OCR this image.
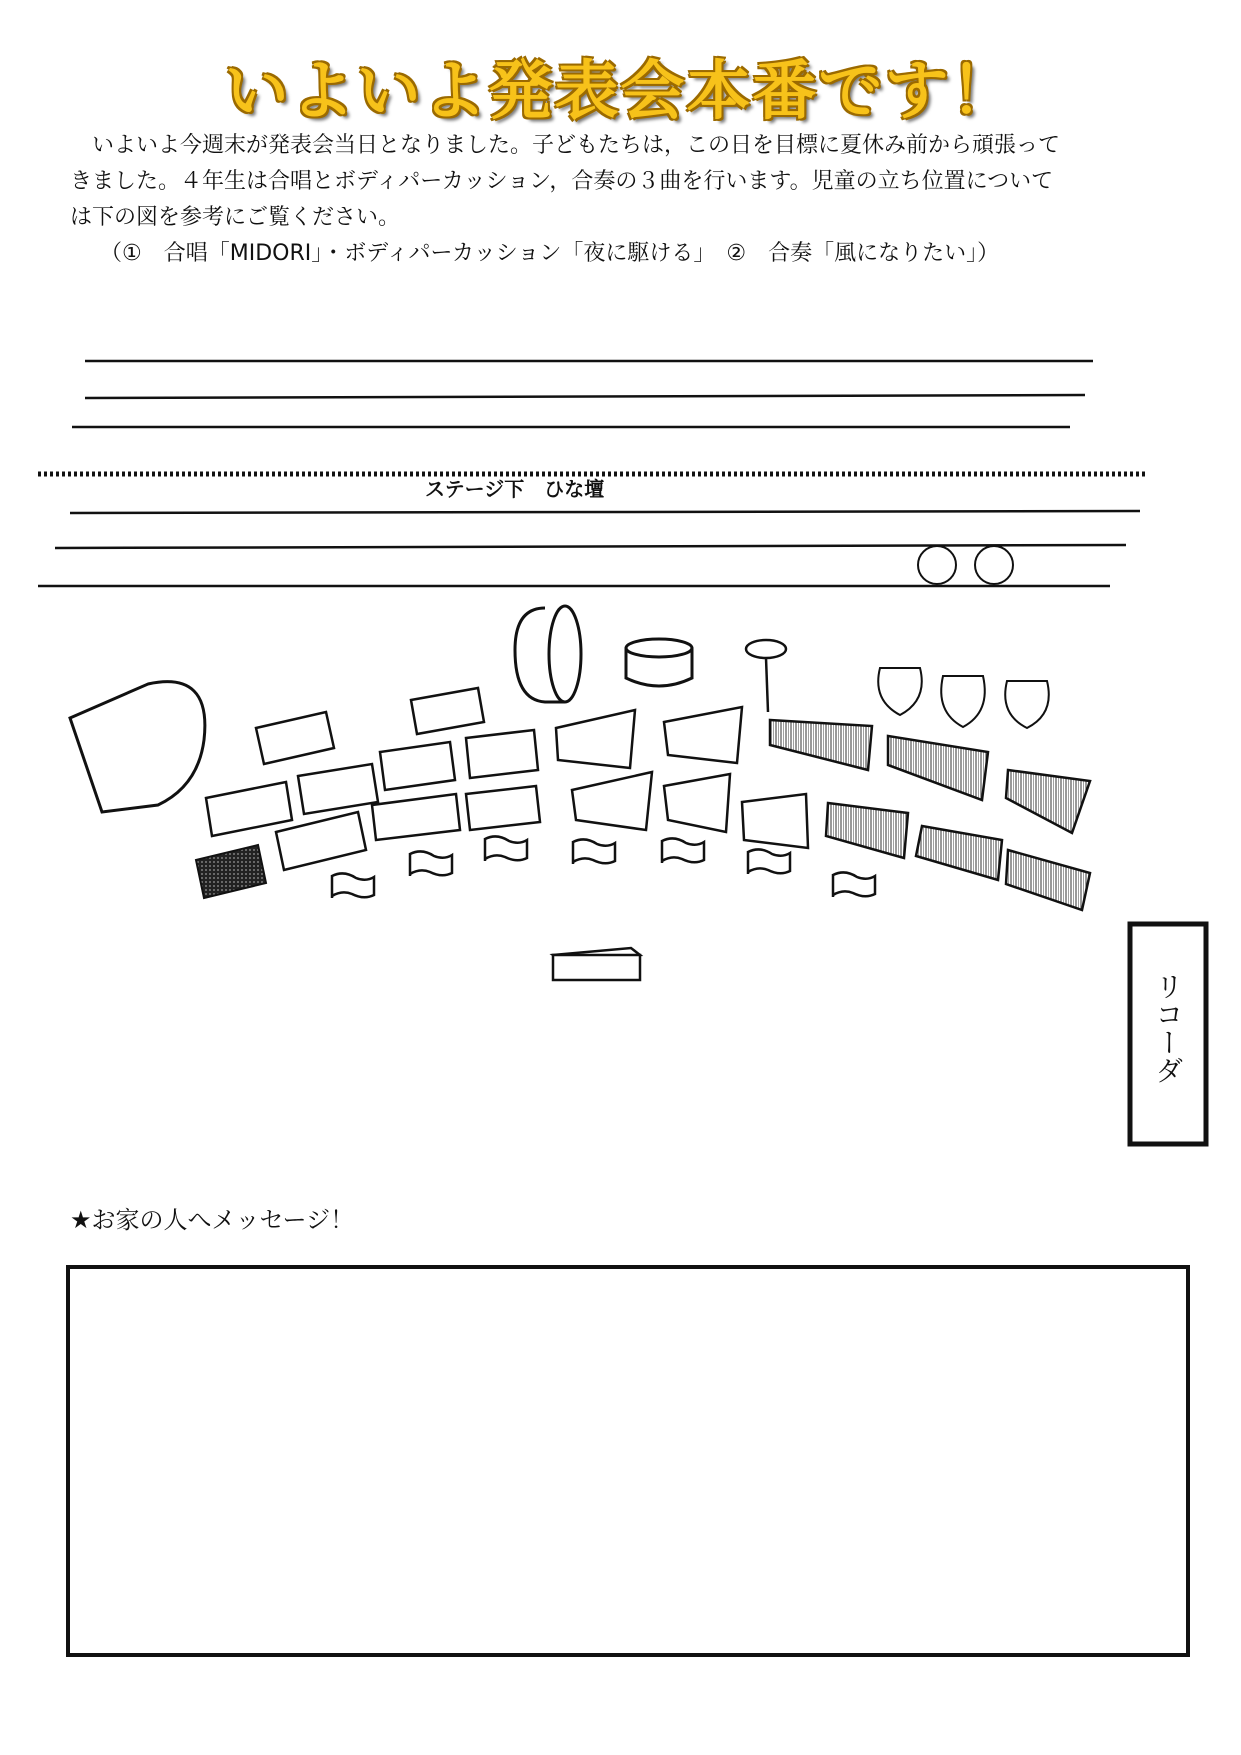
いよいよ発表会本番です！

いよいよ今週末が発表会当日となりました。子どもたちは，この日を目標に夏休み前から頑張って

きました。４年生は合唱とボディパーカッション，合奏の３曲を行います。児童の立ち位置について

は下の図を参考にご覧ください。

（①　合唱「MIDORI」・ボディパーカッション「夜に駆ける」　②　合奏「風になりたい」）

ステージ下　ひな壇
リコーダ
★お家の人へメッセージ！
